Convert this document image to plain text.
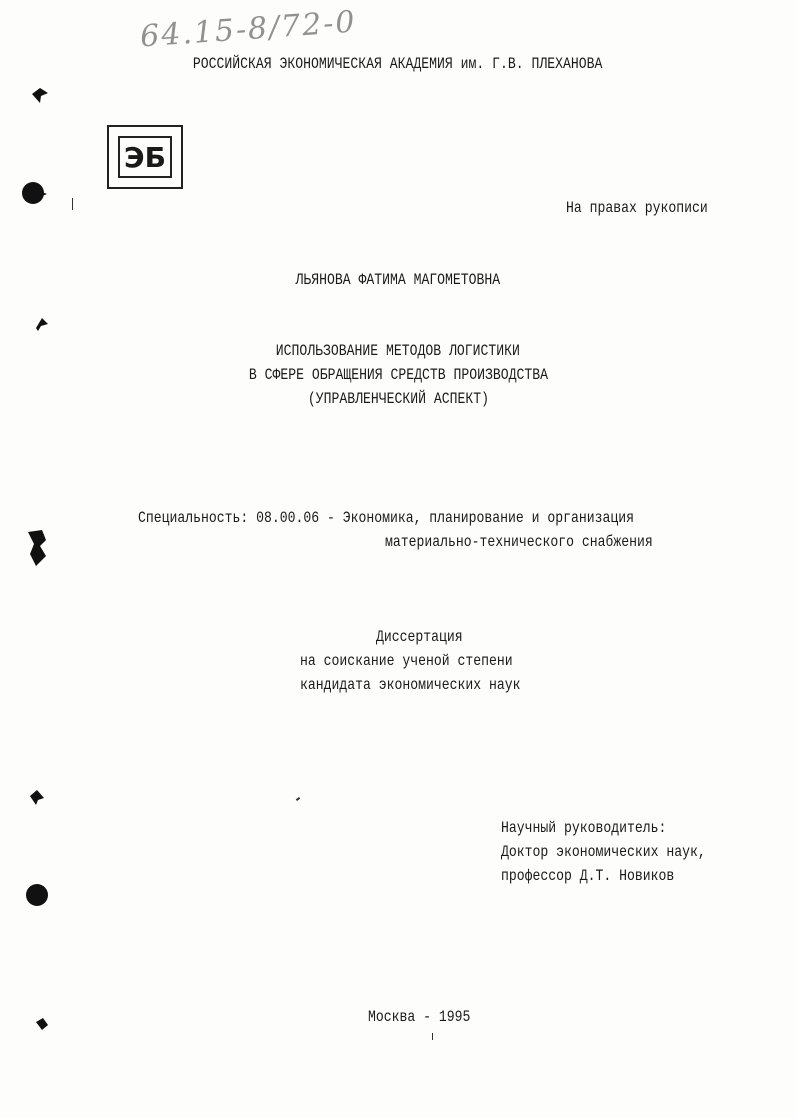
64.15-8/72-0
РОССИЙСКАЯ ЭКОНОМИЧЕСКАЯ АКАДЕМИЯ им. Г.В. ПЛЕХАНОВА
ЭБ
На правах рукописи
ЛЬЯНОВА ФАТИМА МАГОМЕТОВНА
ИСПОЛЬЗОВАНИЕ МЕТОДОВ ЛОГИСТИКИ
В СФЕРЕ ОБРАЩЕНИЯ СРЕДСТВ ПРОИЗВОДСТВА
(УПРАВЛЕНЧЕСКИЙ АСПЕКТ)
Специальность: 08.00.06 - Экономика, планирование и организация
материально-технического снабжения
Диссертация
на соискание ученой степени
кандидата экономических наук
Научный руководитель:
Доктор экономических наук,
профессор Д.Т. Новиков
Москва - 1995
